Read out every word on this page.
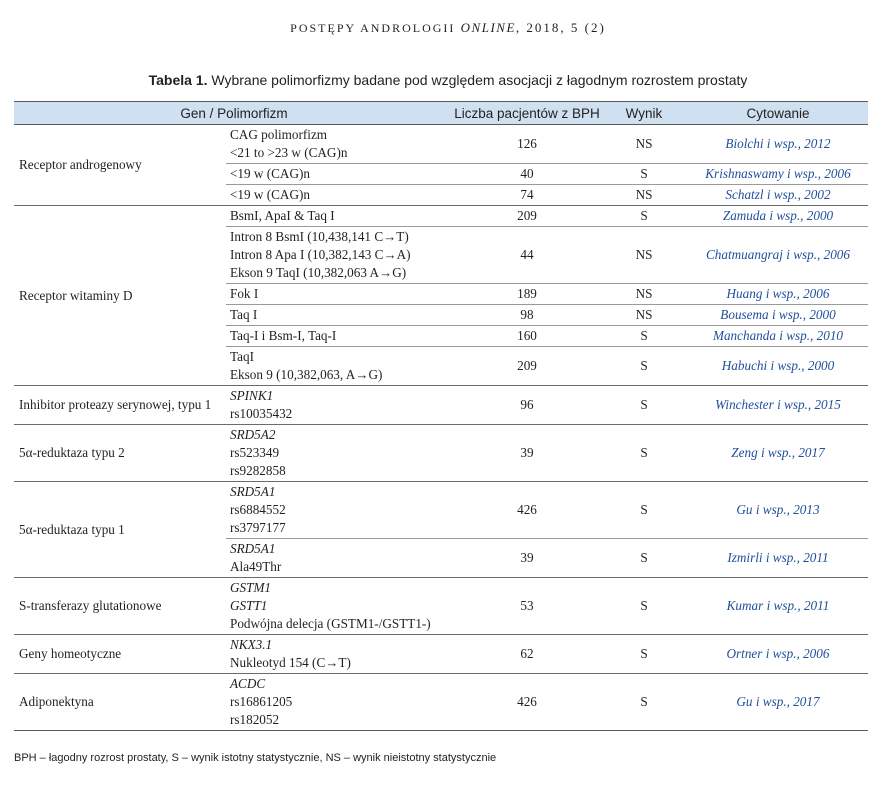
POSTĘPY ANDROLOGII ONLINE, 2018, 5 (2)
Tabela 1. Wybrane polimorfizmy badane pod względem asocjacji z łagodnym rozrostem prostaty
Gen / Polimorfizm		Liczba pacjentów z BPH	Wynik	Cytowanie
Receptor androgenowy	CAG polimorfizm
<21 to >23 w (CAG)n	126	NS	Biolchi i wsp., 2012

	<19 w (CAG)n	40	S	Krishnaswamy i wsp., 2006

	<19 w (CAG)n	74	NS	Schatzl i wsp., 2002
Receptor witaminy D	BsmI, ApaI & Taq I	209	S	Zamuda i wsp., 2000

	Intron 8 BsmI (10,438,141 C→T)
Intron 8 Apa I (10,382,143 C→A)
Ekson 9 TaqI (10,382,063 A→G)	44	NS	Chatmuangraj i wsp., 2006

	Fok I	189	NS	Huang i wsp., 2006

	Taq I	98	NS	Bousema i wsp., 2000

	Taq-I i Bsm-I, Taq-I	160	S	Manchanda i wsp., 2010

	TaqI
Ekson 9 (10,382,063, A→G)	209	S	Habuchi i wsp., 2000
Inhibitor proteazy serynowej, typu 1	SPINK1
rs10035432	96	S	Winchester i wsp., 2015
5α-reduktaza typu 2	SRD5A2
rs523349
rs9282858	39	S	Zeng i wsp., 2017
5α-reduktaza typu 1	SRD5A1
rs6884552
rs3797177	426	S	Gu i wsp., 2013

	SRD5A1
Ala49Thr	39	S	Izmirli i wsp., 2011
S-transferazy glutationowe	GSTM1
GSTT1
Podwójna delecja (GSTM1-/GSTT1-)	53	S	Kumar i wsp., 2011
Geny homeotyczne	NKX3.1
Nukleotyd 154 (C→T)	62	S	Ortner i wsp., 2006
Adiponektyna	ACDC
rs16861205
rs182052	426	S	Gu i wsp., 2017
BPH – łagodny rozrost prostaty, S – wynik istotny statystycznie, NS – wynik nieistotny statystycznie
